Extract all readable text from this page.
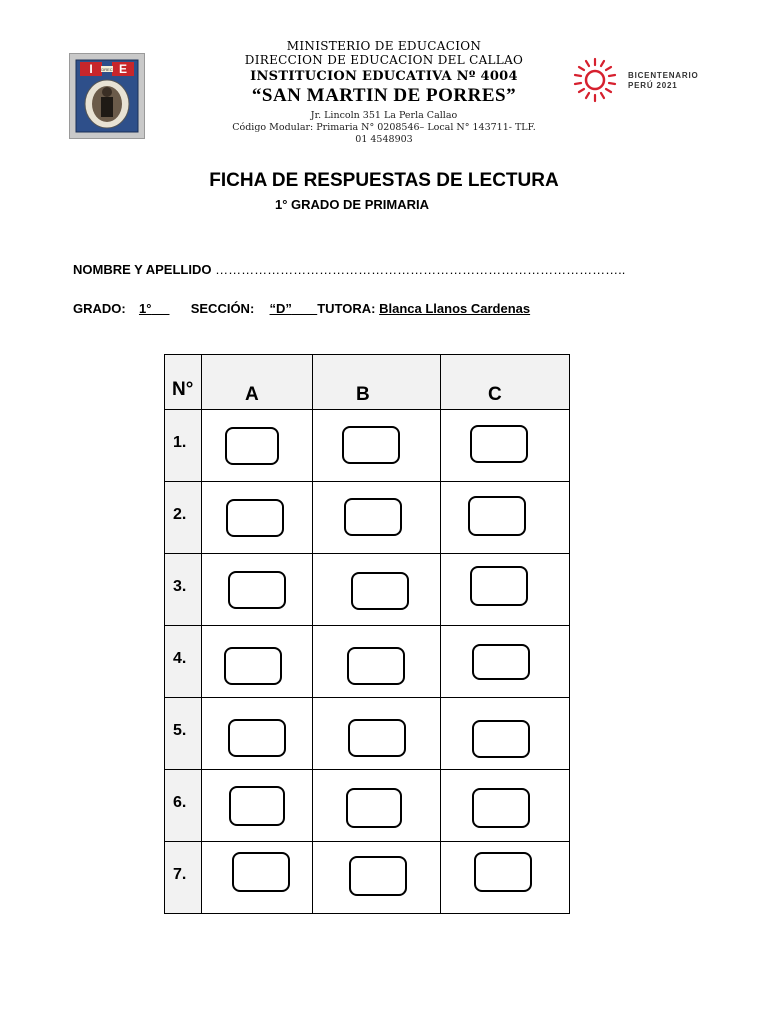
I E
DREC
MINISTERIO DE EDUCACION
DIRECCION DE EDUCACION DEL CALLAO
INSTITUCION EDUCATIVA Nº 4004
“SAN MARTIN DE PORRES”
Jr. Lincoln 351 La Perla Callao
Código Modular: Primaria N° 0208546– Local N° 143711- TLF.
01 4548903
BICENTENARIO
PERÚ 2021
FICHA DE RESPUESTAS DE LECTURA
1° GRADO DE PRIMARIA
NOMBRE Y APELLIDO …………………………………………………………………………………..
GRADO: 1°	SECCIÓN: “D” TUTORA: Blanca Llanos Cardenas
N°	A	B	C

1.			

2.			

3.			

4.			

5.			

6.			

7.			
